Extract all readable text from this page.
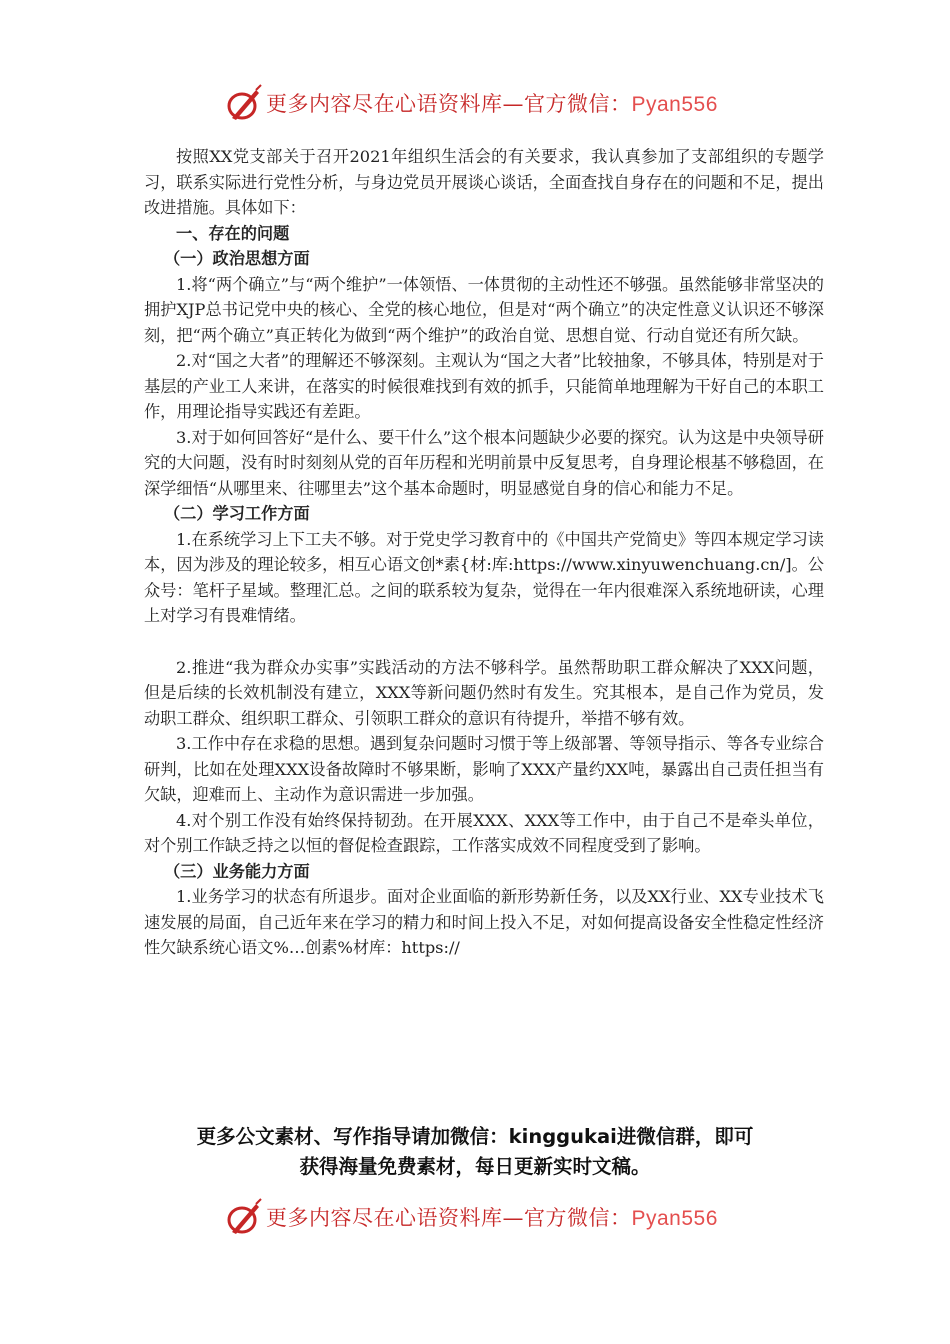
更多内容尽在心语资料库—官方微信：Pyan556

按照XX党支部关于召开2021年组织生活会的有关要求，我认真参加了支部组织的专题学习，联系实际进行党性分析，与身边党员开展谈心谈话，全面查找自身存在的问题和不足，提出改进措施。具体如下：

一、存在的问题
（一）政治思想方面

1.将“两个确立”与“两个维护”一体领悟、一体贯彻的主动性还不够强。虽然能够非常坚决的拥护XJP总书记党中央的核心、全党的核心地位，但是对“两个确立”的决定性意义认识还不够深刻，把“两个确立”真正转化为做到“两个维护”的政治自觉、思想自觉、行动自觉还有所欠缺。

2.对“国之大者”的理解还不够深刻。主观认为“国之大者”比较抽象，不够具体，特别是对于基层的产业工人来讲，在落实的时候很难找到有效的抓手，只能简单地理解为干好自己的本职工作，用理论指导实践还有差距。

3.对于如何回答好“是什么、要干什么”这个根本问题缺少必要的探究。认为这是中央领导研究的大问题，没有时时刻刻从党的百年历程和光明前景中反复思考，自身理论根基不够稳固，在深学细悟“从哪里来、往哪里去”这个基本命题时，明显感觉自身的信心和能力不足。

（二）学习工作方面

1.在系统学习上下工夫不够。对于党史学习教育中的《中国共产党简史》等四本规定学习读本，因为涉及的理论较多，相互心语文创*素{材:库:https://www.xinyuwenchuang.cn/]。公众号：笔杆子星域。整理汇总。之间的联系较为复杂，觉得在一年内很难深入系统地研读，心理上对学习有畏难情绪。

2.推进“我为群众办实事”实践活动的方法不够科学。虽然帮助职工群众解决了XXX问题，但是后续的长效机制没有建立，XXX等新问题仍然时有发生。究其根本，是自己作为党员，发动职工群众、组织职工群众、引领职工群众的意识有待提升，举措不够有效。

3.工作中存在求稳的思想。遇到复杂问题时习惯于等上级部署、等领导指示、等各专业综合研判，比如在处理XXX设备故障时不够果断，影响了XXX产量约XX吨，暴露出自己责任担当有欠缺，迎难而上、主动作为意识需进一步加强。

4.对个别工作没有始终保持韧劲。在开展XXX、XXX等工作中，由于自己不是牵头单位，对个别工作缺乏持之以恒的督促检查跟踪，工作落实成效不同程度受到了影响。

（三）业务能力方面

1.业务学习的状态有所退步。面对企业面临的新形势新任务，以及XX行业、XX专业技术飞速发展的局面，自己近年来在学习的精力和时间上投入不足，对如何提高设备安全性稳定性经济性欠缺系统心语文%…创素%材库：https://

更多公文素材、写作指导请加微信：kinggukai进微信群，即可
获得海量免费素材，每日更新实时文稿。
更多内容尽在心语资料库—官方微信：Pyan556
